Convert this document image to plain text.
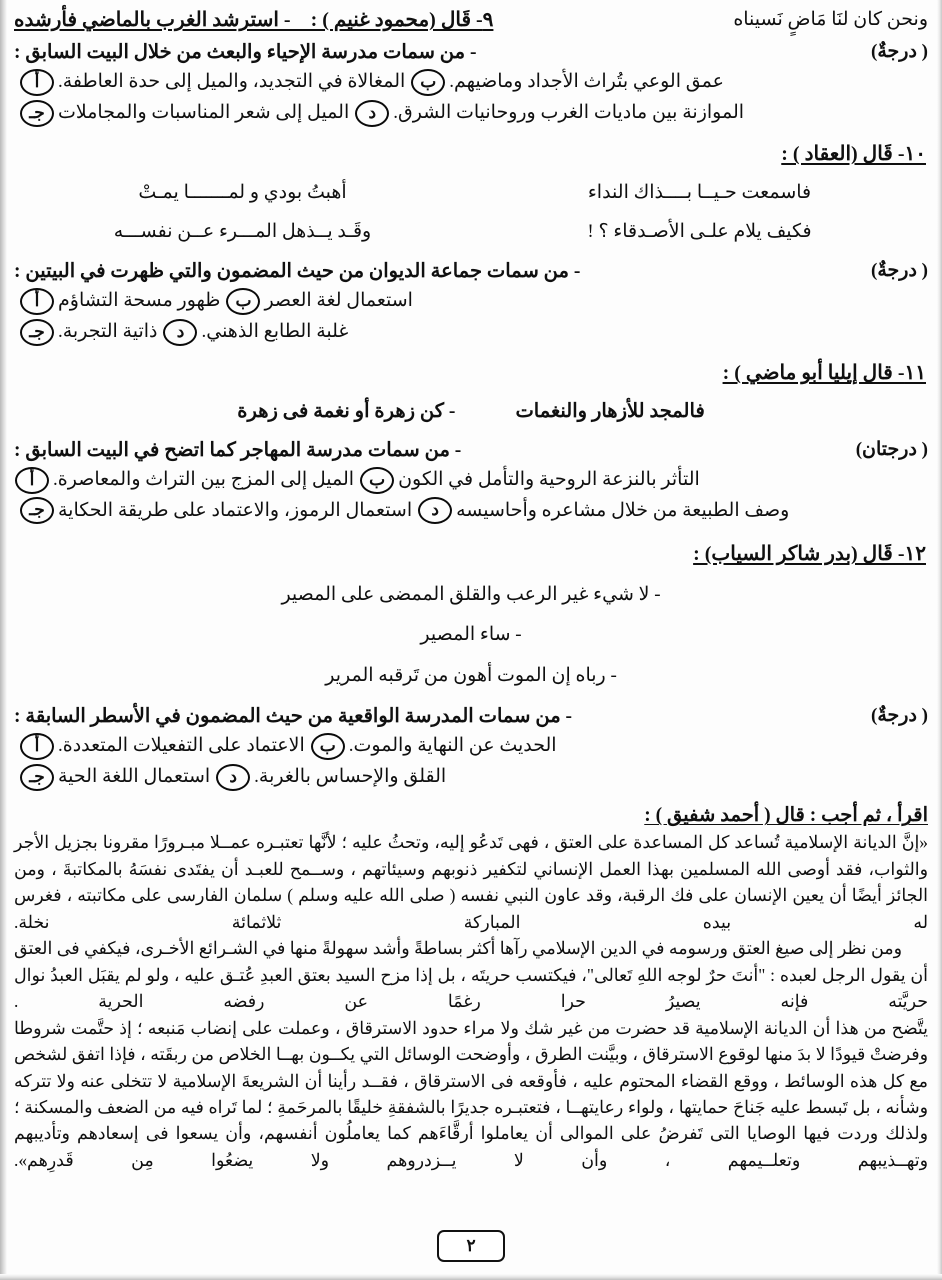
٩- قَال (محمود غنيم ) :    - استرشد الغرب بالماضي فأرشده	ونحن كان لنَا مَاضٍ نَسيناه
- من سمات مدرسة الإحياء والبعث من خلال البيت السابق :	( درجةٌ)
أ المغالاة في التجديد، والميل إلى حدة العاطفة. ب عمق الوعي بتُراث الأجداد وماضيهم.
جـ الميل إلى شعر المناسبات والمجاملات	د الموازنة بين ماديات الغرب وروحانيات الشرق.
١٠- قَال (العقاد ) :
أهبتُ بودي و لمـــــــا يمـتْ	فاسمعت حـيــا بــــذاك النداء
وقَـد يــذهل المـــرء عــن نفســـه	فكيف يلام علـى الأصـدقاء ؟ !
- من سمات جماعة الديوان من حيث المضمون والتي ظهرت في البيتين :	( درجةٌ)
أ ظهور مسحة التشاؤم ب استعمال لغة العصر
جـ ذاتية التجربة.	د غلبة الطابع الذهني.
١١- قال إيليا أبو ماضي ) :
- كن زهرة أو نغمة فى زهرة	فالمجد للأزهار والنغمات
- من سمات مدرسة المهاجر كما اتضح في البيت السابق :	( درجتان)
أ الميل إلى المزج بين التراث والمعاصرة. ب التأثر بالنزعة الروحية والتأمل في الكون
جـ استعمال الرموز، والاعتماد على طريقة الحكاية	د وصف الطبيعة من خلال مشاعره وأحاسيسه
١٢- قَال (بدر شاكر السياب) :
- لا شيء غير الرعب والقلق الممضى على المصير
- ساء المصير
- رباه إن الموت أهون من تَرقبه المرير
- من سمات المدرسة الواقعية من حيث المضمون في الأسطر السابقة :	( درجةٌ)
أ الاعتماد على التفعيلات المتعددة. ب الحديث عن النهاية والموت.
جـ استعمال اللغة الحية	د القلق والإحساس بالغربة.
اقرأ ، ثم أجب : قال ( أحمد شفيق ) :

«إنَّ الديانة الإسلامية تُساعد كل المساعدة على العتق ، فهى تَدعُو إليه، وتحثُ عليه ؛ لأنَّها تعتبـره عمــلا مبـرورًا مقرونا بجزيل الأجر والثواب، فقد أوصى الله المسلمين بهذا العمل الإنساني لتكفير ذنوبهم وسيئاتهم ، وســمح للعبـد أن يفتَدى نفسَهُ بالمكاتبةَ ، ومن الجائز أيضًا أن يعين الإنسان على فك الرقبة، وقد عاون النبي نفسه ( صلى الله عليه وسلم ) سلمان الفارسى على مكاتبته ، فغرس له بيده المباركة ثلاثمائة نخلة.

ومن نظر إلى صيغ العتق ورسومه في الدين الإسلامي رآها أكثر بساطةً وأشد سهولةً منها في الشـرائع الأخـرى، فيكفي فى العتق أن يقول الرجل لعبده : "أنتَ حرٌ لوجه اللهِ تَعالى"، فيكتسب حريتَه ، بل إذا مزح السيد بعتق العبدِ عُتـق عليه ، ولو لم يقبَل العبدُ نوال حريَّته فإنه يصيرُ حرا رغمًا عن رفضه الحرية .

يتَّضح من هذا أن الديانة الإسلامية قد حضرت من غير شك ولا مراء حدود الاسترقاق ، وعملت على إنضاب مَنبعه ؛ إذ حتَّمت شروطا وفرضتْ قيودًا لا بدَ منها لوقوع الاسترقاق ، وبيَّنت الطرق ، وأوضحت الوسائل التي يكــون بهــا الخلاص من ربقَته ، فإذا اتفق لشخص مع كل هذه الوسائط ، ووقع القضاء المحتوم عليه ، فأوقعه فى الاسترقاق ، فقــد رأينا أن الشريعةَ الإسلامية لا تتخلى عنه ولا تتركه وشأنه ، بل تَبسط عليه جَناحَ حمايتها ، ولواء رعايتهــا ، فتعتبـره جديرًا بالشفقةِ خليقًا بالمرحَمةِ ؛ لما تَراه فيه من الضعف والمسكنة ؛ ولذلك وردت فيها الوصايا التى تَفرضُ على الموالى أن يعاملوا أرقَّاءَهم كما يعاملُون أنفسهم، وأن يسعوا فى إسعادهم وتأديبهم وتهــذيبهم وتعلــيمهم ، وأن لا يــزدروهم ولا يضعُوا مِن قَدرِهم».

٢
